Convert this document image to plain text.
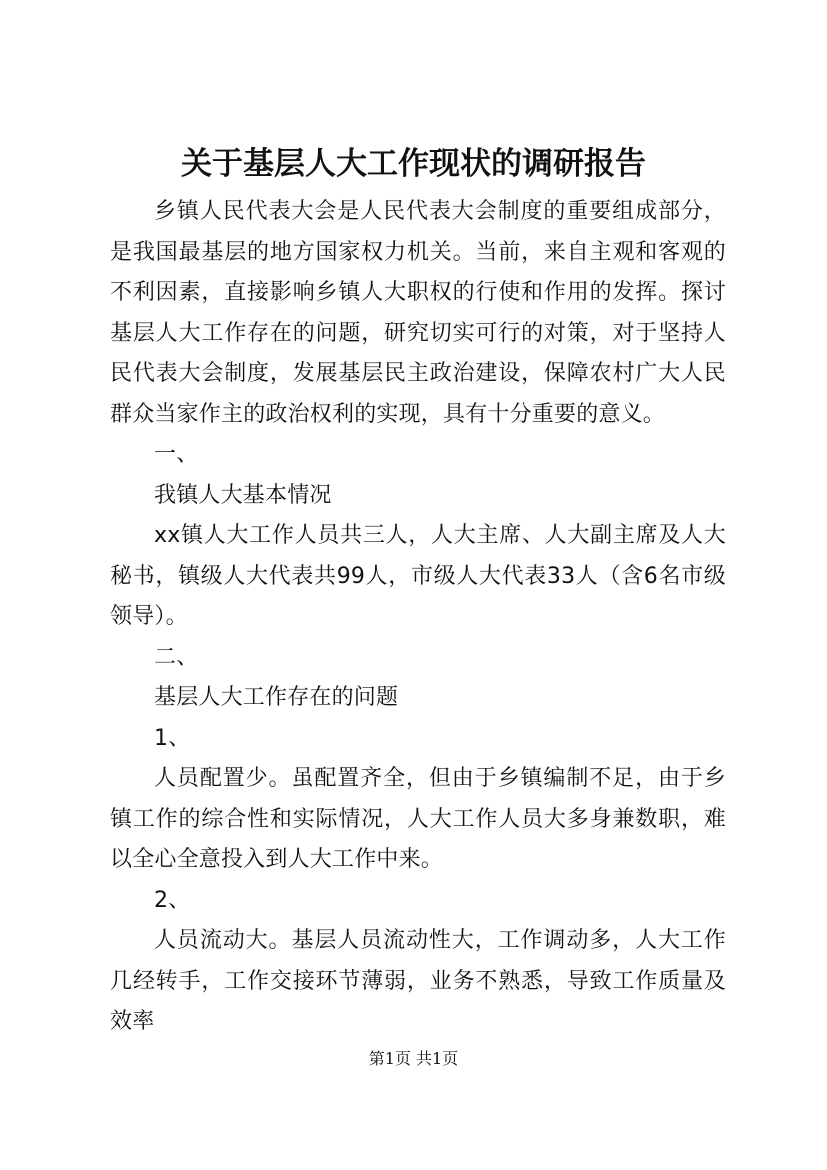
关于基层人大工作现状的调研报告

乡镇人民代表大会是人民代表大会制度的重要组成部分，是我国最基层的地方国家权力机关。当前，来自主观和客观的不利因素，直接影响乡镇人大职权的行使和作用的发挥。探讨基层人大工作存在的问题，研究切实可行的对策，对于坚持人民代表大会制度，发展基层民主政治建设，保障农村广大人民群众当家作主的政治权利的实现，具有十分重要的意义。

一、

我镇人大基本情况

xx镇人大工作人员共三人，人大主席、人大副主席及人大秘书，镇级人大代表共99人，市级人大代表33人（含6名市级领导）。

二、

基层人大工作存在的问题

1、

人员配置少。虽配置齐全，但由于乡镇编制不足，由于乡镇工作的综合性和实际情况，人大工作人员大多身兼数职，难以全心全意投入到人大工作中来。

2、

人员流动大。基层人员流动性大，工作调动多，人大工作几经转手，工作交接环节薄弱，业务不熟悉，导致工作质量及效率

第1页 共1页
